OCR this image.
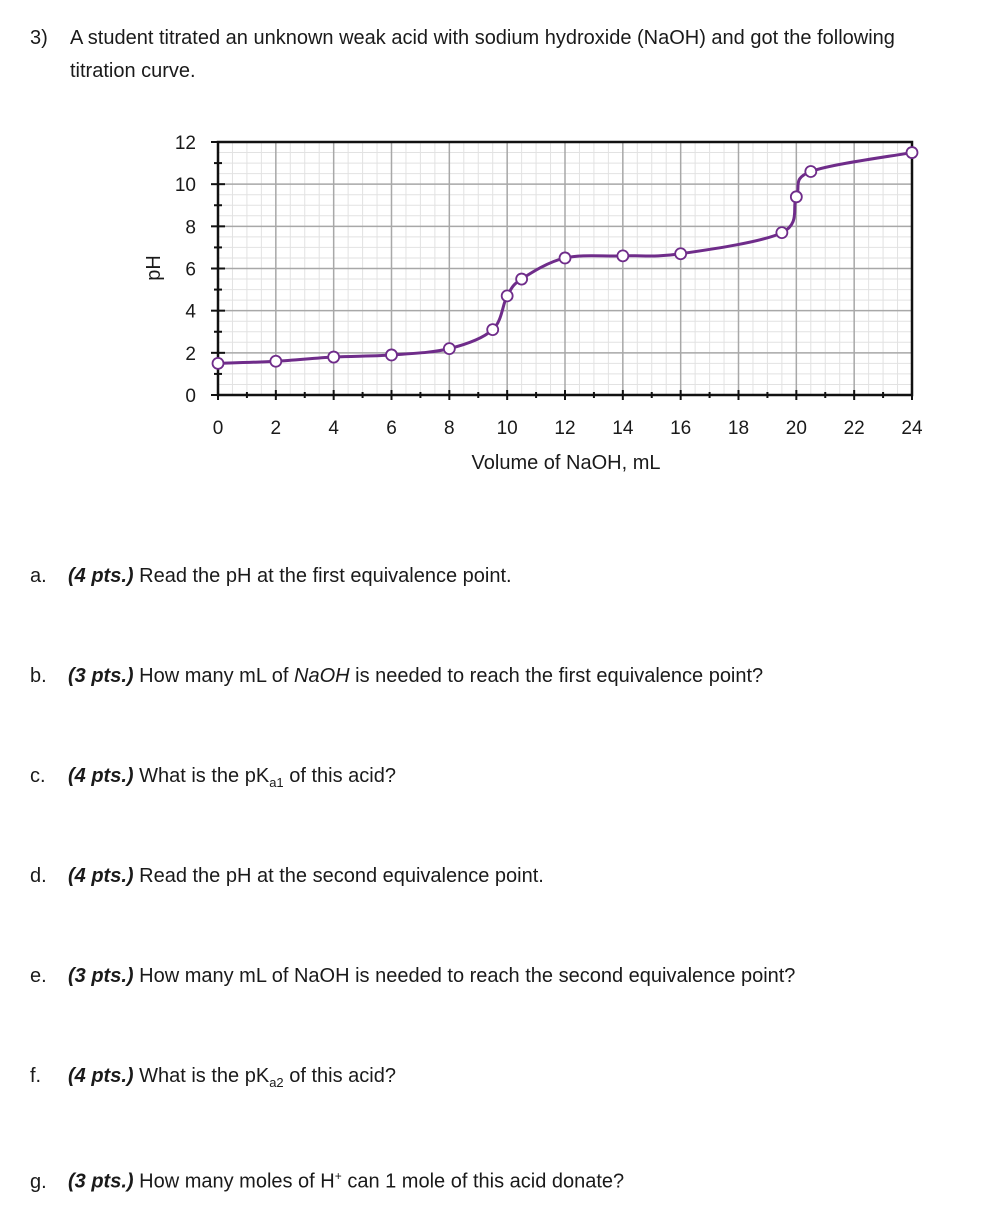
3) A student titrated an unknown weak acid with sodium hydroxide (NaOH) and got the following titration curve.
0 2 4 6 8 10 12 14 16 18 20 22 24
0
2
4
6
8
10
12
Volume of NaOH, mL
pH
a. (4 pts.) Read the pH at the first equivalence point.
b. (3 pts.) How many mL of NaOH is needed to reach the first equivalence point?
c. (4 pts.) What is the $pK_{a1}$ of this acid?
d. (4 pts.) Read the pH at the second equivalence point.
e. (3 pts.) How many mL of NaOH is needed to reach the second equivalence point?
f. (4 pts.) What is the $pK_{a2}$ of this acid?
g. (3 pts.) How many moles of H+ can 1 mole of this acid donate?
